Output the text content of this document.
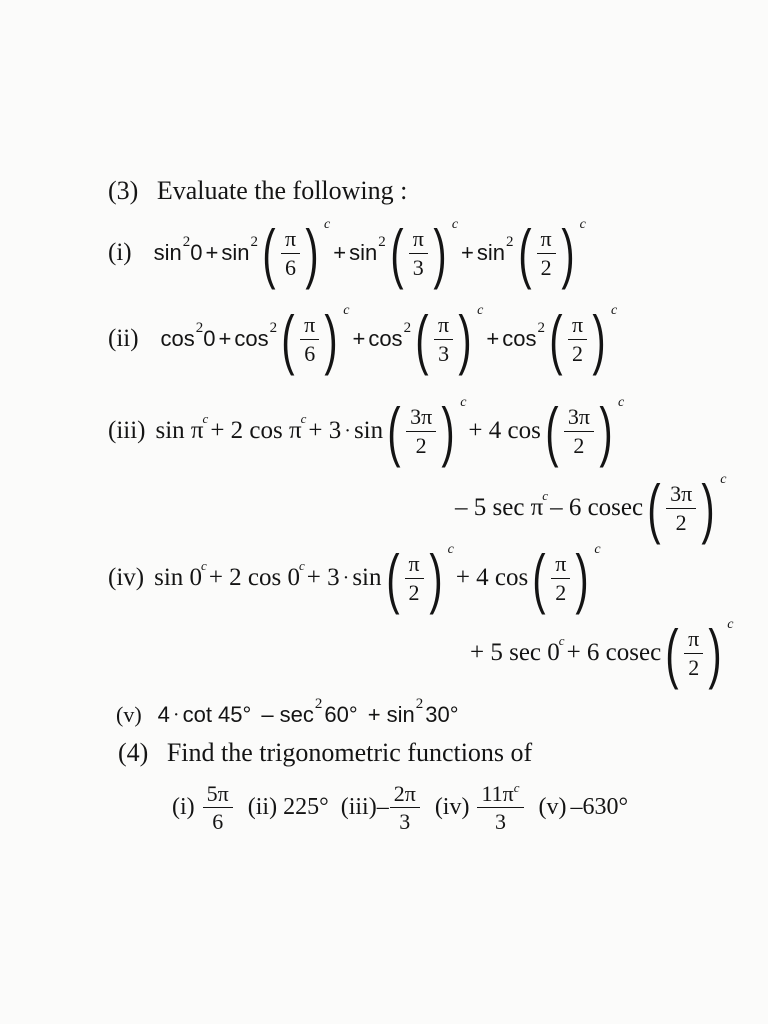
(3) Evaluate the following :
(i) sin 2 0 + sin 2 ( $\frac{\pi}{6}$ ) c
+ sin 2 ( $\frac{\pi}{3}$ ) c
+ sin 2 ( $\frac{\pi}{2}$ ) c
(ii) cos 2 0 + cos 2 ( $\frac{\pi}{6}$ ) c
+ cos 2 ( $\frac{\pi}{3}$ ) c
+ cos 2 ( $\frac{\pi}{2}$ ) c
(iii) sin π c + 2 cos π c + 3 · sin ( $\frac{3\pi}{2}$ ) c
+ 4 cos ( $\frac{3\pi}{2}$ ) c
– 5 sec π c – 6 cosec ( $\frac{3\pi}{2}$ ) c
(iv) sin 0 c + 2 cos 0 c + 3 · sin ( $\frac{\pi}{2}$ ) c
+ 4 cos ( $\frac{\pi}{2}$ ) c
+ 5 sec 0 c + 6 cosec ( $\frac{\pi}{2}$ ) c
(v) 4 · cot 45° – sec 2 60° + sin 2 30°
(4) Find the trigonometric functions of
$(i) \frac{5\pi}{6} (ii)$ 225° $(iii) - \frac{2\pi}{3} (iv) \frac{11\pi^c}{3} (v)$ –630°
